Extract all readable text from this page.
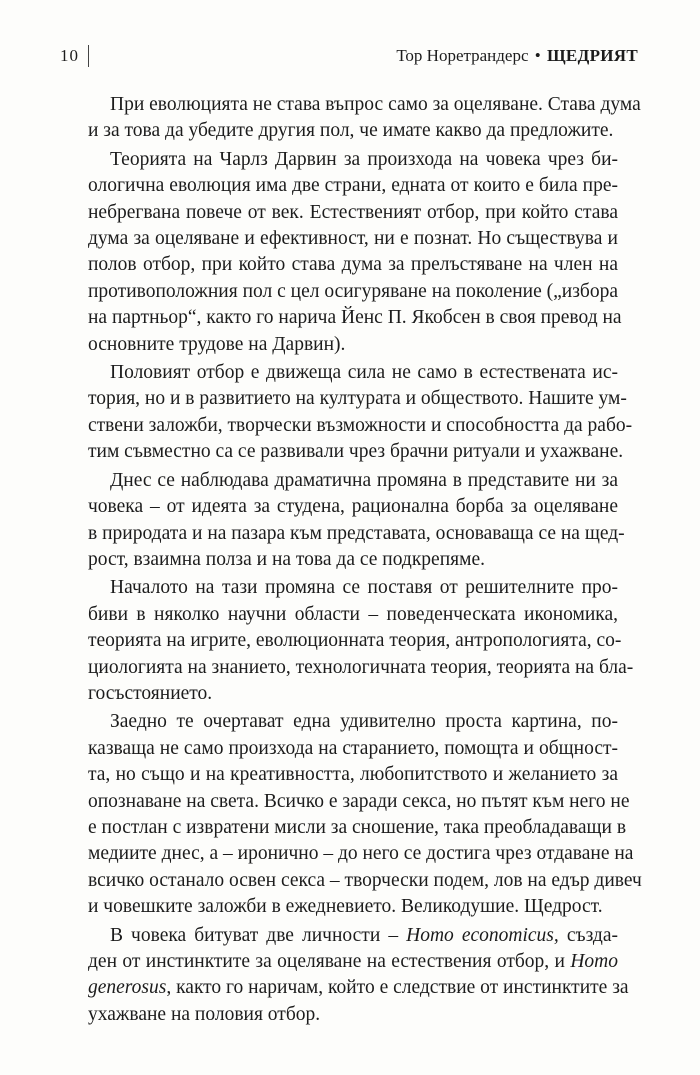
10	Тор Норетрандерс • ЩЕДРИЯТ
При еволюцията не става въпрос само за оцеляване. Става дума
и за това да убедите другия пол, че имате какво да предложите.
Теорията на Чарлз Дарвин за произхода на човека чрез би-
ологична еволюция има две страни, едната от които е била пре-
небрегвана повече от век. Естественият отбор, при който става
дума за оцеляване и ефективност, ни е познат. Но съществува и
полов отбор, при който става дума за прелъстяване на член на
противоположния пол с цел осигуряване на поколение („избора
на партньор“, както го нарича Йенс П. Якобсен в своя превод на
основните трудове на Дарвин).
Половият отбор е движеща сила не само в естествената ис-
тория, но и в развитието на културата и обществото. Нашите ум-
ствени заложби, творчески възможности и способността да рабо-
тим съвместно са се развивали чрез брачни ритуали и ухажване.
Днес се наблюдава драматична промяна в представите ни за
човека – от идеята за студена, рационална борба за оцеляване
в природата и на пазара към представата, основаваща се на щед-
рост, взаимна полза и на това да се подкрепяме.
Началото на тази промяна се поставя от решителните про-
биви в няколко научни области – поведенческата икономика,
теорията на игрите, еволюционната теория, антропологията, со-
циологията на знанието, технологичната теория, теорията на бла-
госъстоянието.
Заедно те очертават една удивително проста картина, по-
казваща не само произхода на старанието, помощта и общност-
та, но също и на креативността, любопитството и желанието за
опознаване на света. Всичко е заради секса, но пътят към него не
е постлан с извратени мисли за сношение, така преобладаващи в
медиите днес, а – иронично – до него се достига чрез отдаване на
всичко останало освен секса – творчески подем, лов на едър дивеч
и човешките заложби в ежедневието. Великодушие. Щедрост.
В човека битуват две личности – Homo economicus, създа-
ден от инстинктите за оцеляване на естествения отбор, и Homo
generosus, както го наричам, който е следствие от инстинктите за
ухажване на половия отбор.
